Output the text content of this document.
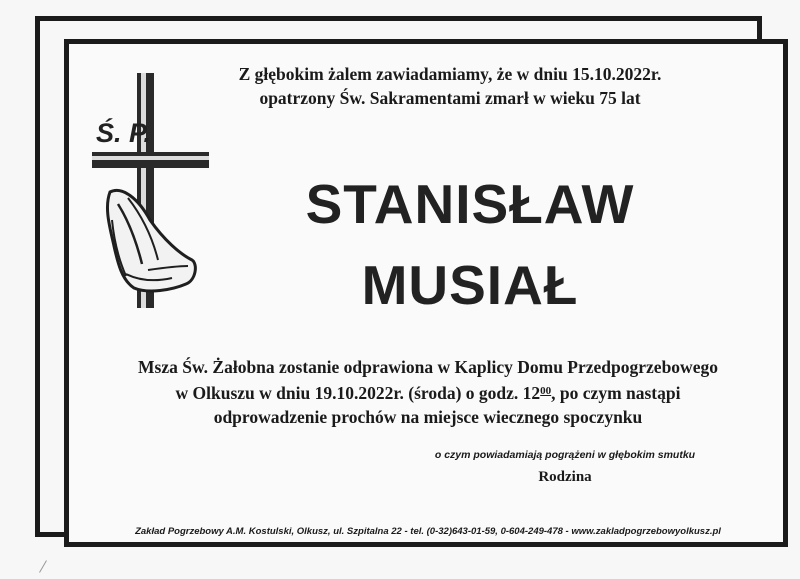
Z głębokim żalem zawiadamiamy, że w dniu 15.10.2022r.
opatrzony Św. Sakramentami zmarł w wieku 75 lat
Ś. P.
STANISŁAW
MUSIAŁ
Msza Św. Żałobna zostanie odprawiona w Kaplicy Domu Przedpogrzebowego
w Olkuszu w dniu 19.10.2022r. (środa) o godz. $12^{00}$, po czym nastąpi
odprowadzenie prochów na miejsce wiecznego spoczynku
o czym powiadamiają pogrążeni w głębokim smutku
Rodzina
Zakład Pogrzebowy A.M. Kostulski, Olkusz, ul. Szpitalna 22 - tel. (0-32)643-01-59, 0-604-249-478 - www.zakladpogrzebowyolkusz.pl
